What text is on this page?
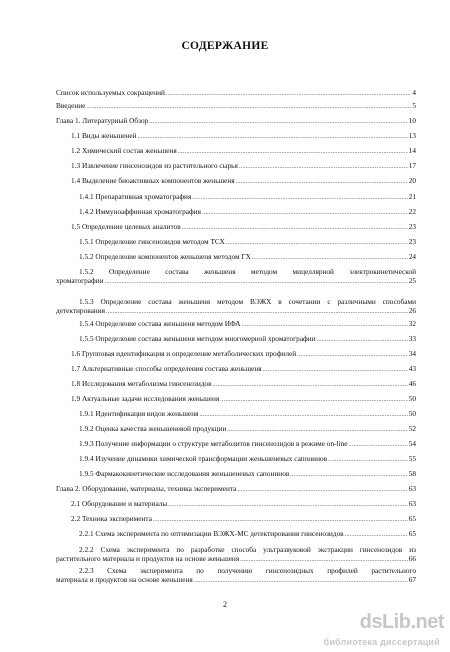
СОДЕРЖАНИЕ
Список используемых сокращений .....	4
Введение .....	5
Глава 1. Литературный Обзор .....	10
1.1 Виды женьшеней .....	13
1.2 Химический состав женьшеня .....	14
1.3 Извлечение гинсенозидов из растительного сырья .....	17
1.4 Выделение биоактивных компонентов женьшеня .....	20
1.4.1 Препаративная хроматография .....	21
1.4.2 Иммуноаффинная хроматография .....	22
1.5 Определение целевых аналитов .....	23
1.5.1 Определение гинсенозидов методом ТСХ .....	23
1.5.2 Определение компонентов женьшеня методом ГХ .....	24
1.5.2 Определение состава женьшеня методом мицеллярной электрокинетической
хроматографии .....	25
1.5.3 Определение состава женьшеня методом ВЭЖХ в сочетании с различными способами
детектирования .....	26
1.5.4 Определение состава женьшеня методом ИФА .....	32
1.5.5 Определение состава женьшеня методом многомерной хроматографии .....	33
1.6 Групповая идентификация и определение метаболических профилей .....	34
1.7 Альтернативные способы определения состава женьшеня .....	43
1.8 Исследования метаболизма гинсенозидов .....	46
1.9 Актуальные задачи исследования женьшеня .....	50
1.9.1 Идентификация видов женьшеня .....	50
1.9.2 Оценка качества женьшеневой продукции .....	52
1.9.3 Получение информации о структуре метаболитов гинсенозидов в режиме on-line .....	54
1.9.4 Изучение динамики химической трансформации женьшеневых сапонинов .....	55
1.9.5 Фармакокинетические исследования женьшеневых сапонинов .....	58
Глава 2. Оборудование, материалы, техника эксперимента .....	63
2.1 Оборудование и материалы .....	63
2.2 Техника эксперимента .....	65
2.2.1 Схема эксперимента по оптимизации ВЭЖХ-МС детектирования гинсенозидов .....	65
2.2.2 Схема эксперимента по разработке способа ультразвуковой экстракции гинсенозидов из
растительного материала и продуктов на основе женьшеня .....	66
2.2.3 Схема эксперимента по получению гинсенозидных профилей растительного
материала и продуктов на основе женьшеня .....	67
2
dsLib.net
библиотека диссертаций
